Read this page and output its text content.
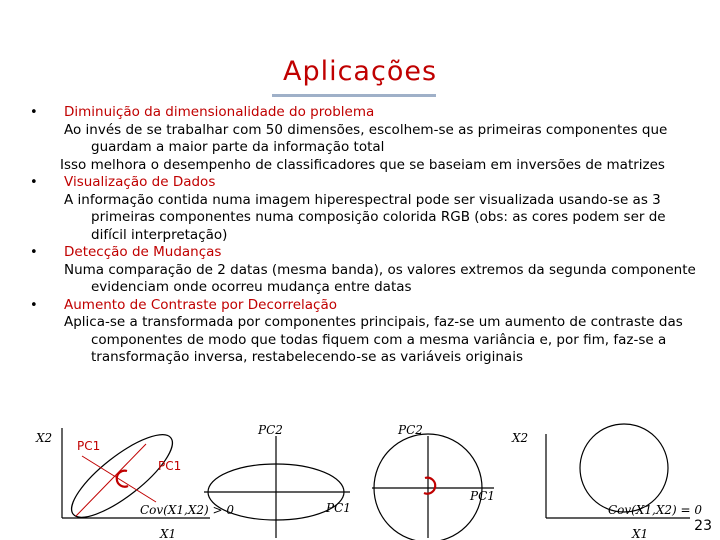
Aplicações
• Diminuição da dimensionalidade do problema
Ao invés de se trabalhar com 50 dimensões, escolhem-se as primeiras componentes que guardam a maior parte da informação total
Isso melhora o desempenho de classificadores que se baseiam em inversões de matrizes
• Visualização de Dados
A informação contida numa imagem hiperespectral pode ser visualizada usando-se as 3 primeiras componentes numa composição colorida RGB (obs: as cores podem ser de difícil interpretação)
• Detecção de Mudanças
Numa comparação de 2 datas (mesma banda), os valores extremos da segunda componente evidenciam onde ocorreu mudança entre datas
• Aumento de Contraste por Decorrelação
Aplica-se a transformada por componentes principais, faz-se um aumento de contraste das componentes de modo que todas fiquem com a mesma variância e, por fim, faz-se a transformação inversa, restabelecendo-se as variáveis originais
X2
PC1
PC1
Cov(X1,X2) > 0
X1
PC2
PC1
PC2
PC1
X2
Cov(X1,X2) = 0
X1	23
